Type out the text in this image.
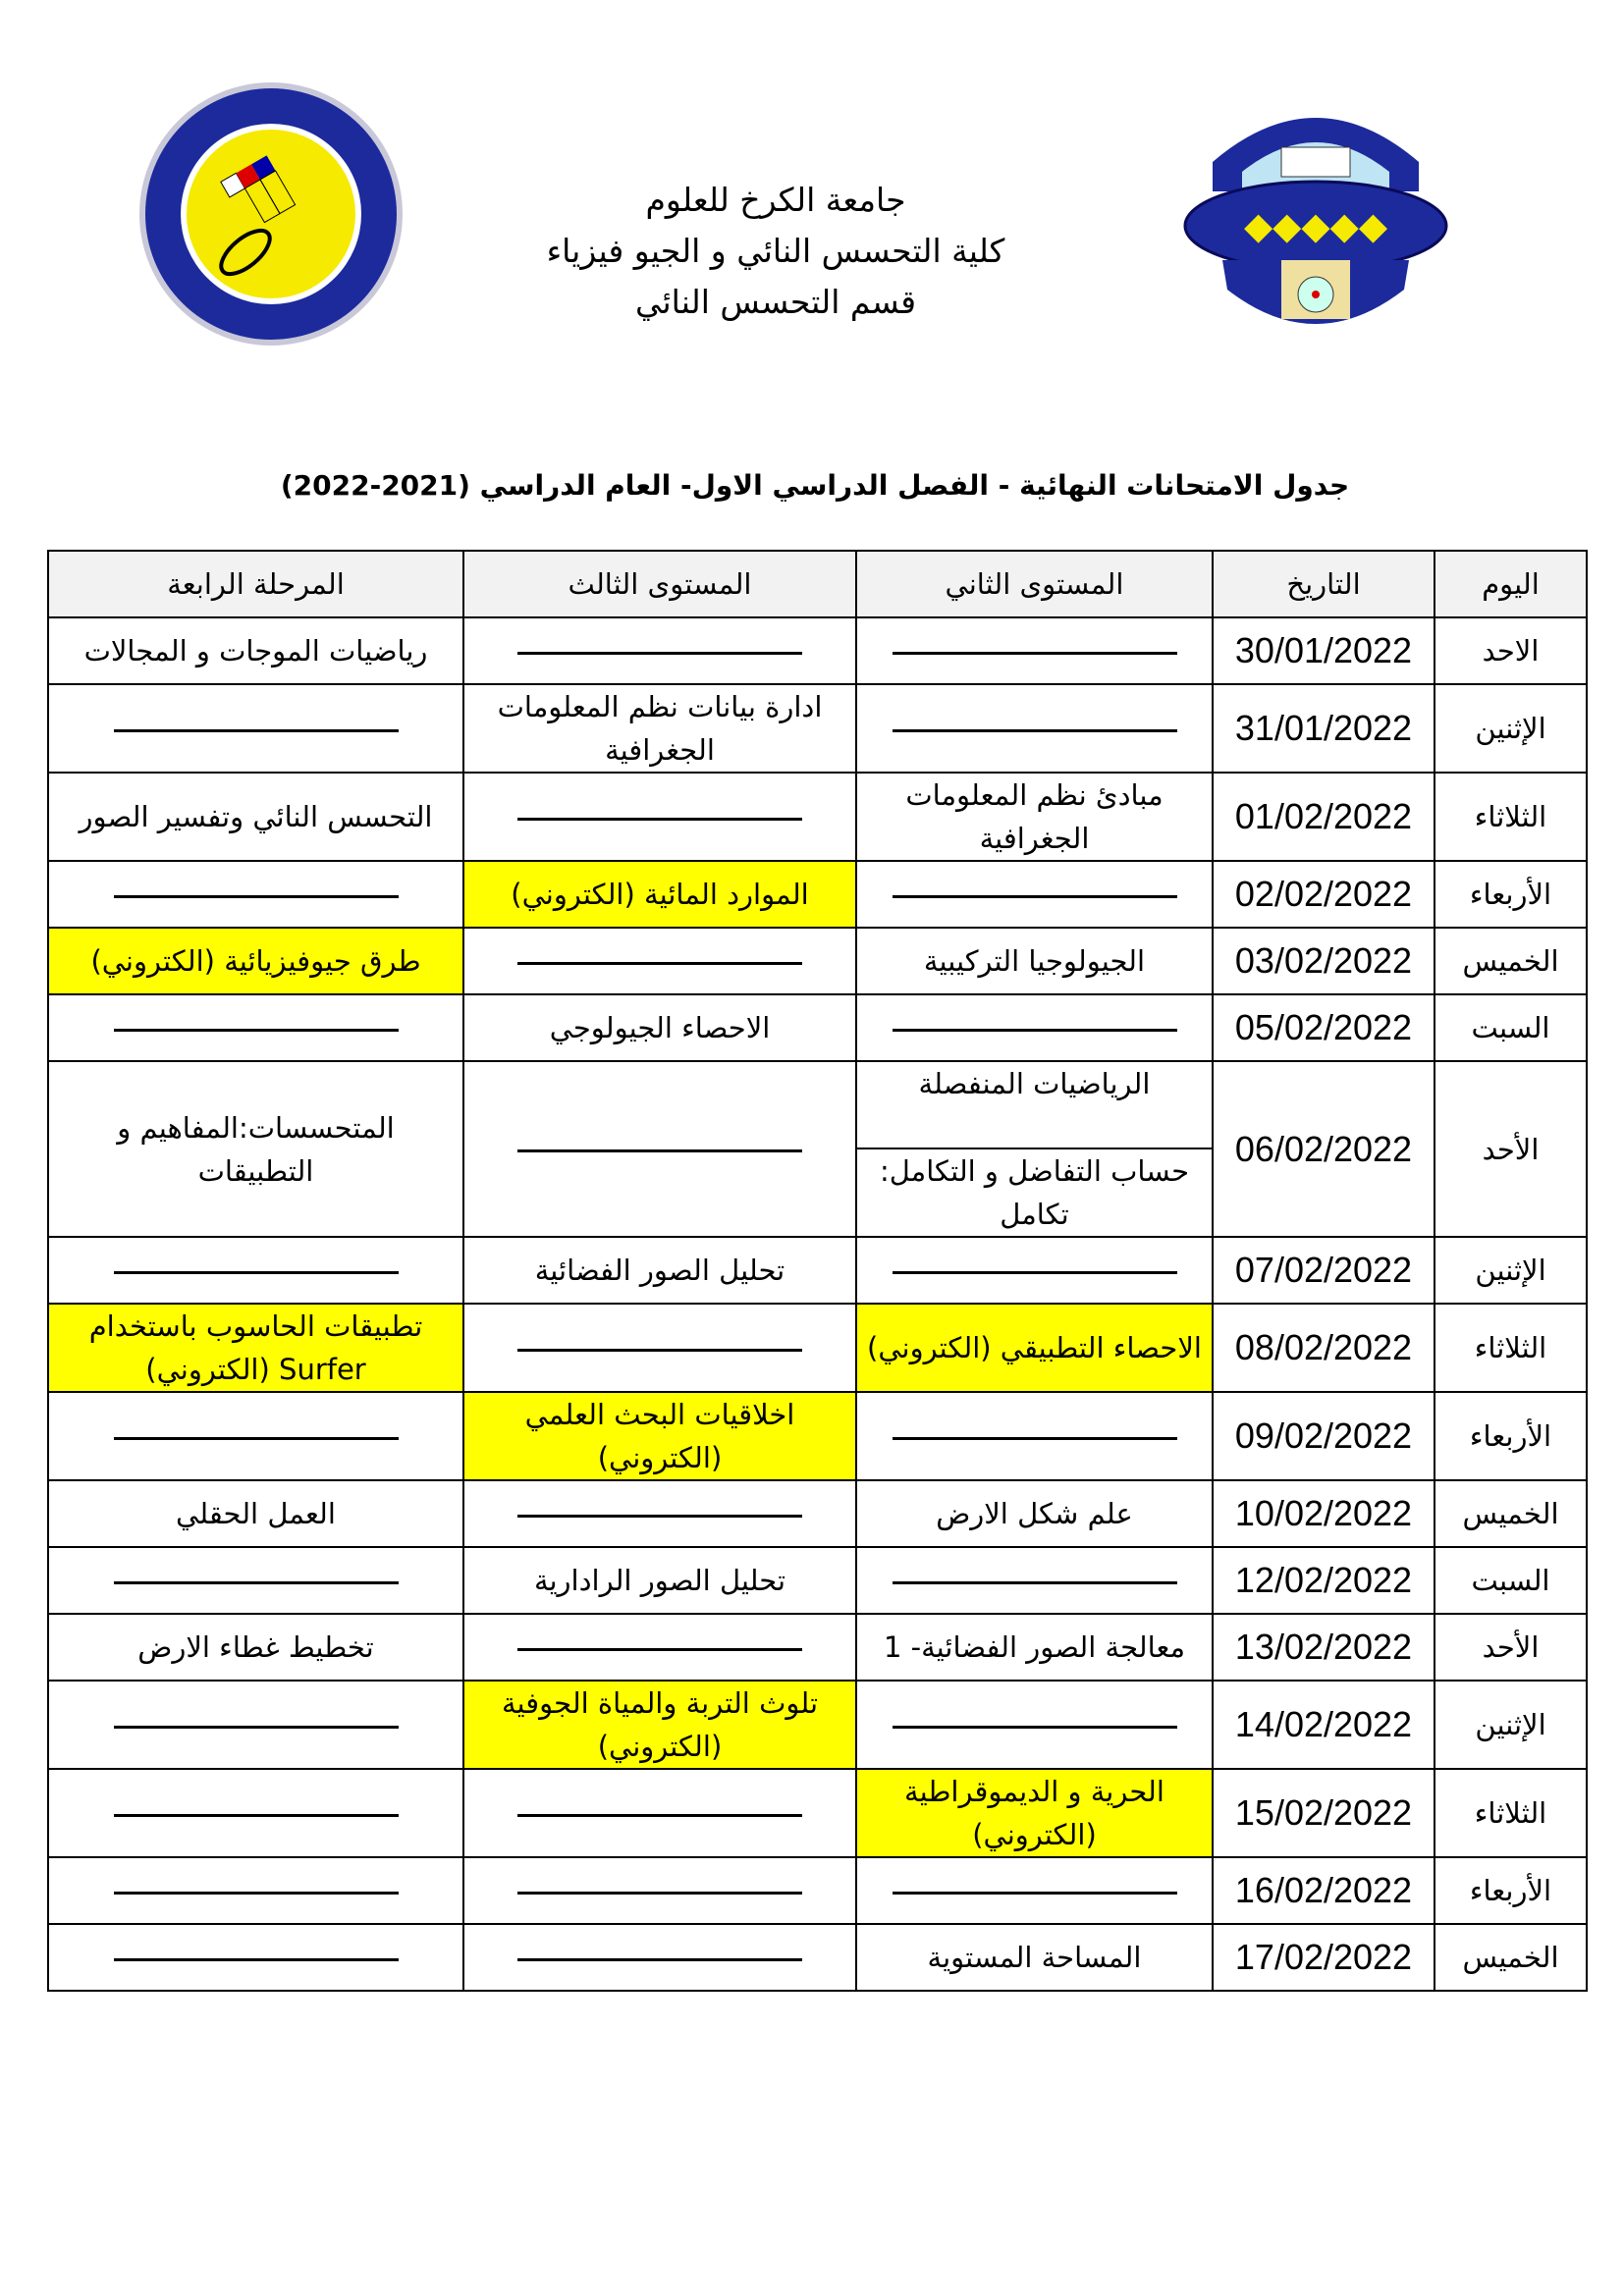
◆◆◆◆◆
جامعة الكرخ للعلوم
كلية التحسس النائي و الجيو فيزياء
قسم التحسس النائي
جدول الامتحانات النهائية - الفصل الدراسي الاول- العام الدراسي (2021-2022)
اليوم	التاريخ	المستوى الثاني	المستوى الثالث	المرحلة الرابعة
الاحد	30/01/2022			رياضيات الموجات و المجالات
الإثنين	31/01/2022		ادارة بيانات نظم المعلومات الجغرافية	
الثلاثاء	01/02/2022	مبادئ نظم المعلومات الجغرافية		التحسس النائي وتفسير الصور
الأربعاء	02/02/2022		الموارد المائية (الكتروني)	
الخميس	03/02/2022	الجيولوجيا التركيبية		طرق جيوفيزيائية (الكتروني)
السبت	05/02/2022		الاحصاء الجيولوجي	
الأحد	06/02/2022	الرياضيات المنفصلة		المتحسسات:المفاهيم و التطبيقات
		حساب التفاضل و التكامل: تكامل		
الإثنين	07/02/2022		تحليل الصور الفضائية	
الثلاثاء	08/02/2022	الاحصاء التطبيقي (الكتروني)		تطبيقات الحاسوب باستخدام Surfer (الكتروني)
الأربعاء	09/02/2022		اخلاقيات البحث العلمي (الكتروني)	
الخميس	10/02/2022	علم شكل الارض		العمل الحقلي
السبت	12/02/2022		تحليل الصور الرادارية	
الأحد	13/02/2022	معالجة الصور الفضائية- 1		تخطيط غطاء الارض
الإثنين	14/02/2022		تلوث التربة والمياة الجوفية (الكتروني)	
الثلاثاء	15/02/2022	الحرية و الديموقراطية (الكتروني)		
الأربعاء	16/02/2022			
الخميس	17/02/2022	المساحة المستوية		
